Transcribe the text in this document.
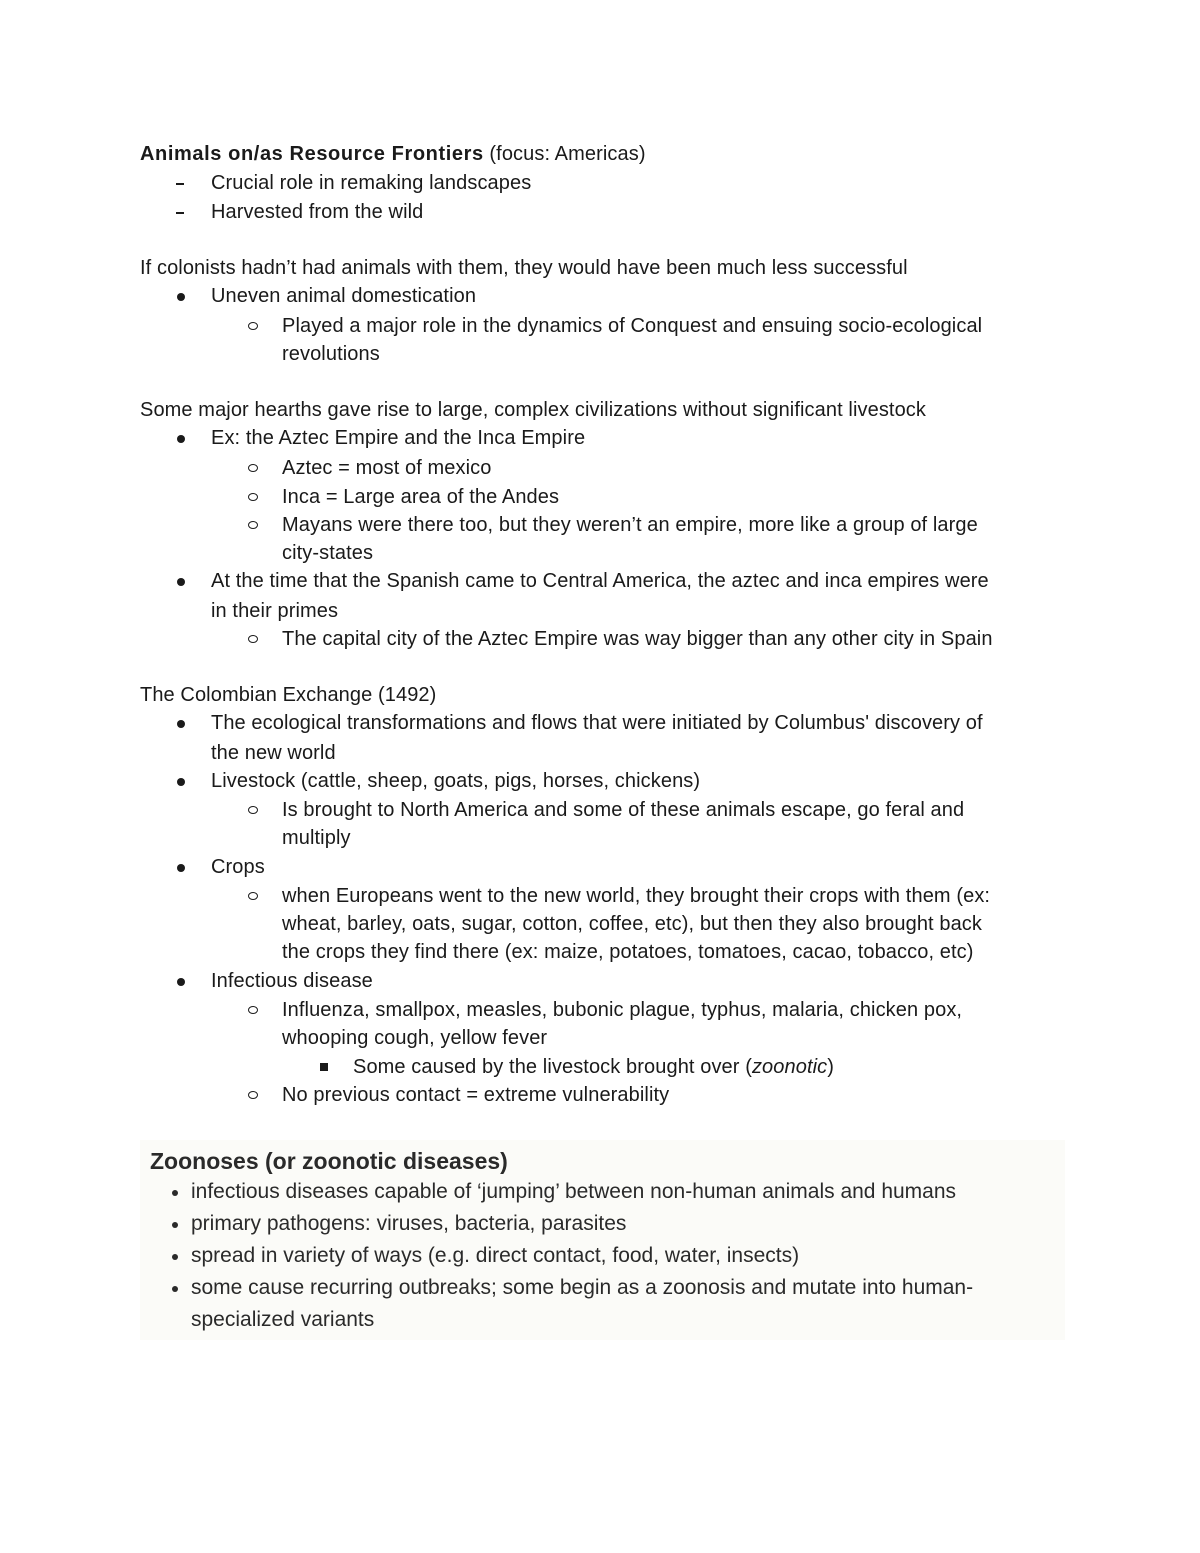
Animals on/as Resource Frontiers (focus: Americas)
Crucial role in remaking landscapes
Harvested from the wild
If colonists hadn’t had animals with them, they would have been much less successful
Uneven animal domestication
Played a major role in the dynamics of Conquest and ensuing socio-ecological
revolutions
Some major hearths gave rise to large, complex civilizations without significant livestock
Ex: the Aztec Empire and the Inca Empire
Aztec = most of mexico
Inca = Large area of the Andes
Mayans were there too, but they weren’t an empire, more like a group of large
city-states
At the time that the Spanish came to Central America, the aztec and inca empires were
in their primes
The capital city of the Aztec Empire was way bigger than any other city in Spain
The Colombian Exchange (1492)
The ecological transformations and flows that were initiated by Columbus' discovery of
the new world
Livestock (cattle, sheep, goats, pigs, horses, chickens)
Is brought to North America and some of these animals escape, go feral and
multiply
Crops
when Europeans went to the new world, they brought their crops with them (ex:
wheat, barley, oats, sugar, cotton, coffee, etc), but then they also brought back
the crops they find there (ex: maize, potatoes, tomatoes, cacao, tobacco, etc)
Infectious disease
Influenza, smallpox, measles, bubonic plague, typhus, malaria, chicken pox,
whooping cough, yellow fever
Some caused by the livestock brought over (zoonotic)
No previous contact = extreme vulnerability
Zoonoses (or zoonotic diseases)
infectious diseases capable of ‘jumping’ between non-human animals and humans
primary pathogens: viruses, bacteria, parasites
spread in variety of ways (e.g. direct contact, food, water, insects)
some cause recurring outbreaks; some begin as a zoonosis and mutate into human-
specialized variants
